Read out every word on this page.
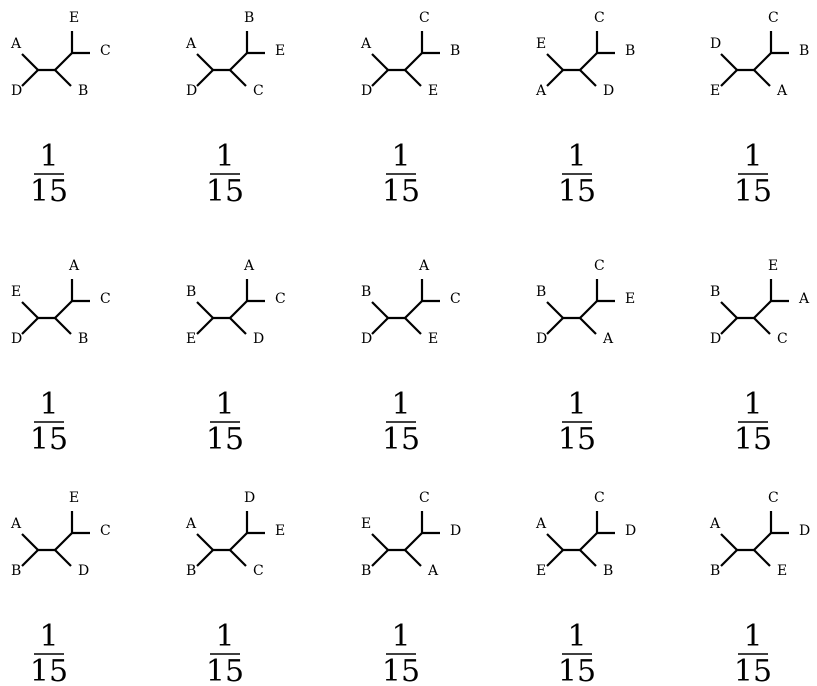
A
D
E
C
B
1
15
A
D
B
E
C
1
15
A
D
C
B
E
1
15
E
A
C
B
D
1
15
D
E
C
B
A
1
15
E
D
A
C
B
1
15
B
E
A
C
D
1
15
B
D
A
C
E
1
15
B
D
C
E
A
1
15
B
D
E
A
C
1
15
A
B
E
C
D
1
15
A
B
D
E
C
1
15
E
B
C
D
A
1
15
A
E
C
D
B
1
15
A
B
C
D
E
1
15
